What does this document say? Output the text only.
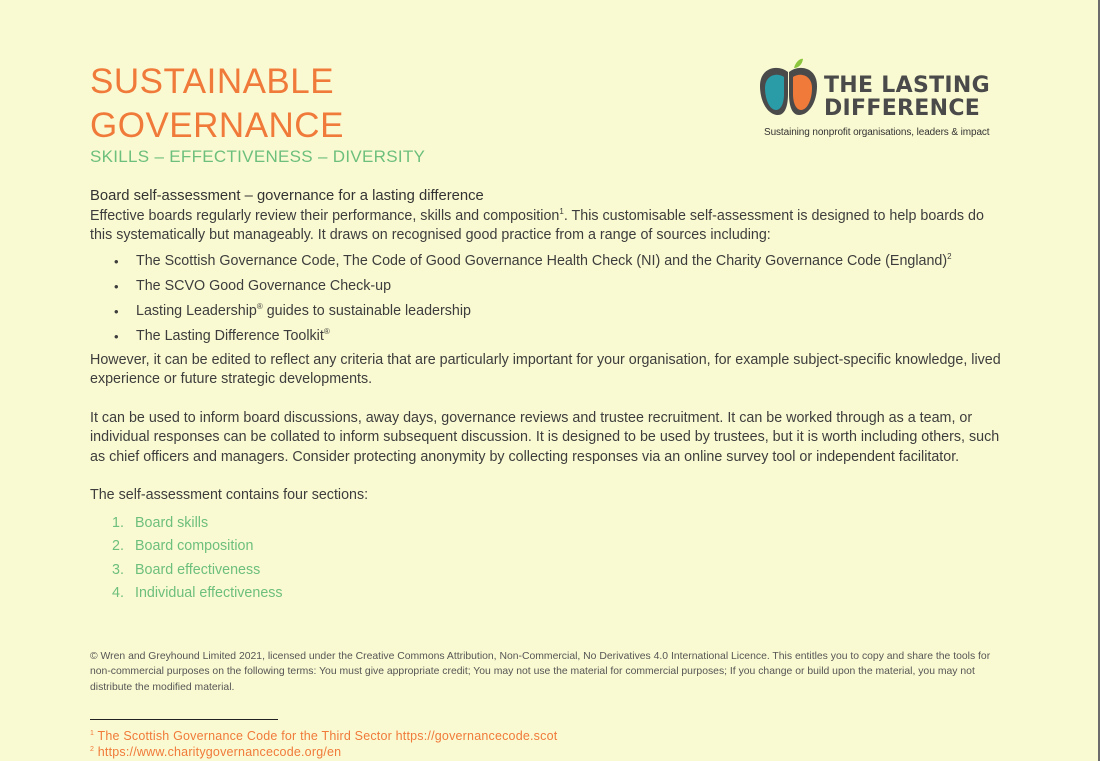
SUSTAINABLE
GOVERNANCE
SKILLS – EFFECTIVENESS – DIVERSITY
THE LASTING
DIFFERENCE
Sustaining nonprofit organisations, leaders & impact
Board self-assessment – governance for a lasting difference

Effective boards regularly review their performance, skills and composition$^1$. This customisable self-assessment is designed to help boards do this systematically but manageably. It draws on recognised good practice from a range of sources including:

• The Scottish Governance Code, The Code of Good Governance Health Check (NI) and the Charity Governance Code (England)$^2$
• The SCVO Good Governance Check-up
• Lasting Leadership® guides to sustainable leadership
• The Lasting Difference Toolkit®

However, it can be edited to reflect any criteria that are particularly important for your organisation, for example subject-specific knowledge, lived experience or future strategic developments.

It can be used to inform board discussions, away days, governance reviews and trustee recruitment. It can be worked through as a team, or individual responses can be collated to inform subsequent discussion. It is designed to be used by trustees, but it is worth including others, such as chief officers and managers. Consider protecting anonymity by collecting responses via an online survey tool or independent facilitator.

The self-assessment contains four sections:

1. Board skills
2. Board composition
3. Board effectiveness
4. Individual effectiveness
© Wren and Greyhound Limited 2021, licensed under the Creative Commons Attribution, Non-Commercial, No Derivatives 4.0 International Licence. This entitles you to copy and share the tools for non-commercial purposes on the following terms: You must give appropriate credit; You may not use the material for commercial purposes; If you change or build upon the material, you may not distribute the modified material.
$^1$ The Scottish Governance Code for the Third Sector https://governancecode.scot
$^2$ https://www.charitygovernancecode.org/en
